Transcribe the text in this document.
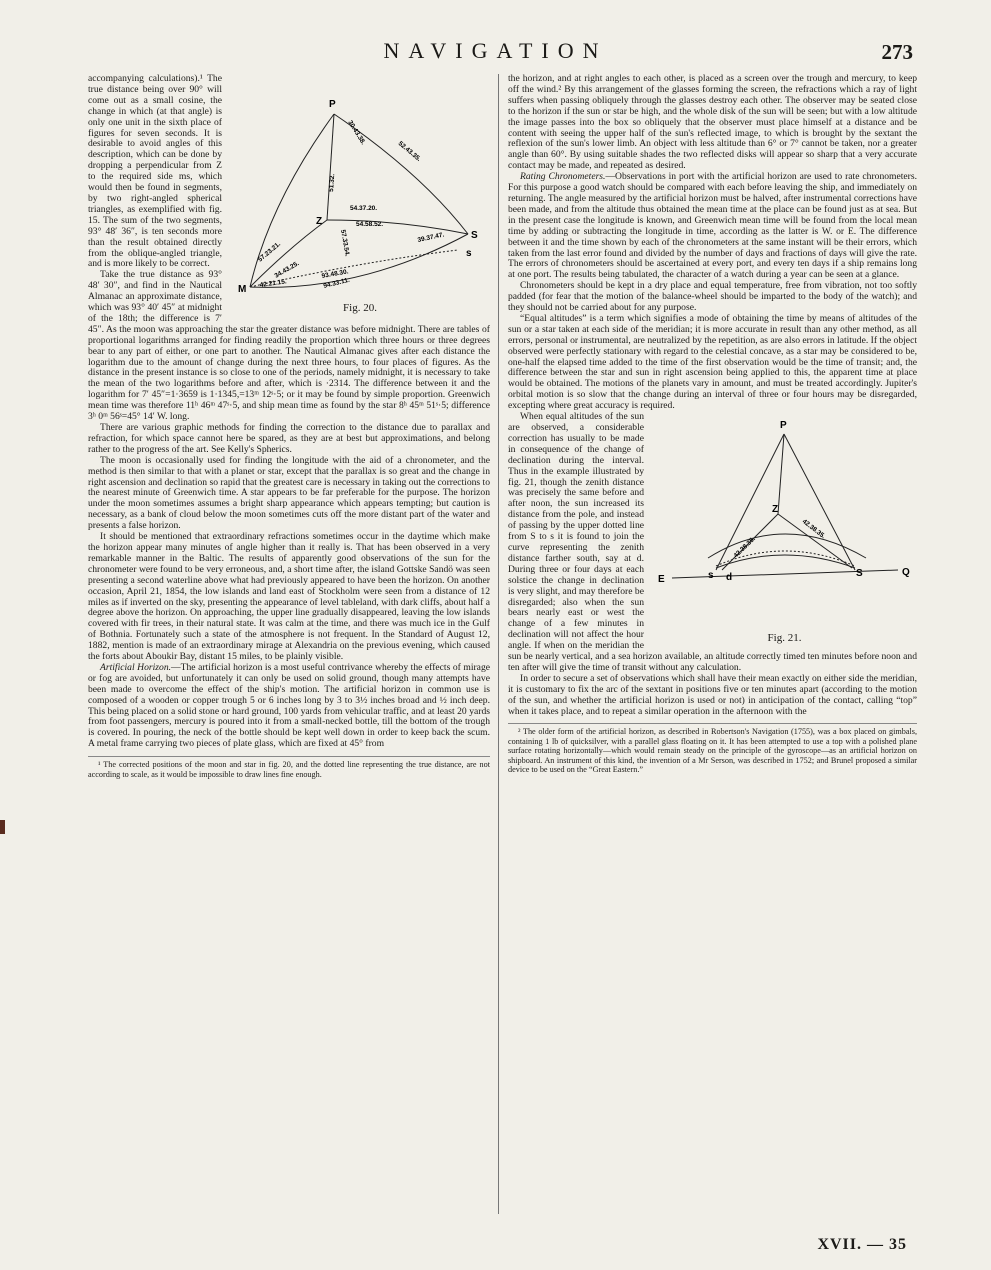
NAVIGATION	273
P
Z
S
s
M
51.32.
30.43.38.
52.43.35.
54.37.20.
54.58.52.
39.37.47.
57.33.54.
57.23.21.
34.43.25.
42.21.15.
93.48.30.
94.33.11.
Fig. 20.

accompanying calculations).¹ The true distance being over 90° will come out as a small cosine, the change in which (at that angle) is only one unit in the sixth place of figures for seven seconds. It is desirable to avoid angles of this description, which can be done by dropping a perpendicular from Z to the required side ms, which would then be found in segments, by two right-angled spherical triangles, as exemplified with fig. 15. The sum of the two segments, 93° 48′ 36″, is ten seconds more than the result obtained directly from the oblique-angled triangle, and is more likely to be correct.

Take the true distance as 93° 48′ 30″, and find in the Nautical Almanac an approximate distance, which was 93° 40′ 45″ at midnight of the 18th; the difference is 7′ 45″. As the moon was approaching the star the greater distance was before midnight. There are tables of proportional logarithms arranged for finding readily the proportion which three hours or three degrees bear to any part of either, or one part to another. The Nautical Almanac gives after each distance the logarithm due to the amount of change during the next three hours, to four places of figures. As the distance in the present instance is so close to one of the periods, namely midnight, it is necessary to take the mean of the two logarithms before and after, which is ·2314. The difference between it and the logarithm for 7′ 45″=1·3659 is 1·1345,=13ᵐ 12ˢ·5; or it may be found by simple proportion. Greenwich mean time was therefore 11ʰ 46ᵐ 47ˢ·5, and ship mean time as found by the star 8ʰ 45ᵐ 51ˢ·5; difference 3ʰ 0ᵐ 56ˢ=45° 14′ W. long.

There are various graphic methods for finding the correction to the distance due to parallax and refraction, for which space cannot here be spared, as they are at best but approximations, and belong rather to the progress of the art. See Kelly's Spherics.

The moon is occasionally used for finding the longitude with the aid of a chronometer, and the method is then similar to that with a planet or star, except that the parallax is so great and the change in right ascension and declination so rapid that the greatest care is necessary in taking out the corrections to the nearest minute of Greenwich time. A star appears to be far preferable for the purpose. The horizon under the moon sometimes assumes a bright sharp appearance which appears tempting; but caution is necessary, as a bank of cloud below the moon sometimes cuts off the more distant part of the water and presents a false horizon.

It should be mentioned that extraordinary refractions sometimes occur in the daytime which make the horizon appear many minutes of angle higher than it really is. That has been observed in a very remarkable manner in the Baltic. The results of apparently good observations of the sun for the chronometer were found to be very erroneous, and, a short time after, the island Gottske Sandö was seen presenting a second waterline above what had previously appeared to have been the horizon. On another occasion, April 21, 1854, the low islands and land east of Stockholm were seen from a distance of 12 miles as if inverted on the sky, presenting the appearance of level tableland, with dark cliffs, about half a degree above the horizon. On approaching, the upper line gradually disappeared, leaving the low islands covered with fir trees, in their natural state. It was calm at the time, and there was much ice in the Gulf of Bothnia. Fortunately such a state of the atmosphere is not frequent. In the Standard of August 12, 1882, mention is made of an extraordinary mirage at Alexandria on the previous evening, which caused the forts about Aboukir Bay, distant 15 miles, to be plainly visible.

Artificial Horizon.—The artificial horizon is a most useful contrivance whereby the effects of mirage or fog are avoided, but unfortunately it can only be used on solid ground, though many attempts have been made to overcome the effect of the ship's motion. The artificial horizon in common use is composed of a wooden or copper trough 5 or 6 inches long by 3 to 3½ inches broad and ½ inch deep. This being placed on a solid stone or hard ground, 100 yards from vehicular traffic, and at least 20 yards from foot passengers, mercury is poured into it from a small-necked bottle, till the bottom of the trough is covered. In pouring, the neck of the bottle should be kept well down in order to keep back the scum. A metal frame carrying two pieces of plate glass, which are fixed at 45° from

¹ The corrected positions of the moon and star in fig. 20, and the dotted line representing the true distance, are not according to scale, as it would be impossible to draw lines fine enough.

the horizon, and at right angles to each other, is placed as a screen over the trough and mercury, to keep off the wind.² By this arrangement of the glasses forming the screen, the refractions which a ray of light suffers when passing obliquely through the glasses destroy each other. The observer may be seated close to the horizon if the sun or star be high, and the whole disk of the sun will be seen; but with a low altitude the image passes into the box so obliquely that the observer must place himself at a distance and be content with seeing the upper half of the sun's reflected image, to which is brought by the sextant the reflexion of the sun's lower limb. An object with less altitude than 6° or 7° cannot be taken, nor a greater angle than 60°. By using suitable shades the two reflected disks will appear so sharp that a very accurate contact may be made, and repeated as desired.

Rating Chronometers.—Observations in port with the artificial horizon are used to rate chronometers. For this purpose a good watch should be compared with each before leaving the ship, and immediately on returning. The angle measured by the artificial horizon must be halved, after instrumental corrections have been made, and from the altitude thus obtained the mean time at the place can be found just as at sea. But in the present case the longitude is known, and Greenwich mean time will be found from the local mean time by adding or subtracting the longitude in time, according as the latter is W. or E. The difference between it and the time shown by each of the chronometers at the same instant will be their errors, which taken from the last error found and divided by the number of days and fractions of days will give the rate. The errors of chronometers should be ascertained at every port, and every ten days if a ship remains long at one port. The results being tabulated, the character of a watch during a year can be seen at a glance.

Chronometers should be kept in a dry place and equal temperature, free from vibration, not too softly padded (for fear that the motion of the balance-wheel should be imparted to the body of the watch); and they should not be carried about for any purpose.

“Equal altitudes” is a term which signifies a mode of obtaining the time by means of altitudes of the sun or a star taken at each side of the meridian; it is more accurate in result than any other method, as all errors, personal or instrumental, are neutralized by the repetition, as are also errors in latitude. If the object observed were perfectly stationary with regard to the celestial concave, as a star may be considered to be, one-half the elapsed time added to the time of the first observation would be the time of transit; and, the difference between the star and sun in right ascension being applied to this, the apparent time at place would be obtained. The motions of the planets vary in amount, and must be treated accordingly. Jupiter's orbital motion is so slow that the change during an interval of three or four hours may be disregarded, excepting where great accuracy is required.

P
Z
E
Q
S
s d
42.38.35.
42.38.35.
Fig. 21.

When equal altitudes of the sun are observed, a considerable correction has usually to be made in consequence of the change of declination during the interval. Thus in the example illustrated by fig. 21, though the zenith distance was precisely the same before and after noon, the sun increased its distance from the pole, and instead of passing by the upper dotted line from S to s it is found to join the curve representing the zenith distance farther south, say at d. During three or four days at each solstice the change in declination is very slight, and may therefore be disregarded; also when the sun bears nearly east or west the change of a few minutes in declination will not affect the hour angle. If when on the meridian the sun be nearly vertical, and a sea horizon available, an altitude correctly timed ten minutes before noon and ten after will give the time of transit without any calculation.

In order to secure a set of observations which shall have their mean exactly on either side the meridian, it is customary to fix the arc of the sextant in positions five or ten minutes apart (according to the motion of the sun, and whether the artificial horizon is used or not) in anticipation of the contact, calling “top” when it takes place, and to repeat a similar operation in the afternoon with the

² The older form of the artificial horizon, as described in Robertson's Navigation (1755), was a box placed on gimbals, containing 1 lb of quicksilver, with a parallel glass floating on it. It has been attempted to use a top with a polished plane surface rotating horizontally—which would remain steady on the principle of the gyroscope—as an artificial horizon on shipboard. An instrument of this kind, the invention of a Mr Serson, was described in 1752; and Brunel proposed a similar device to be used on the “Great Eastern.”

XVII. — 35
